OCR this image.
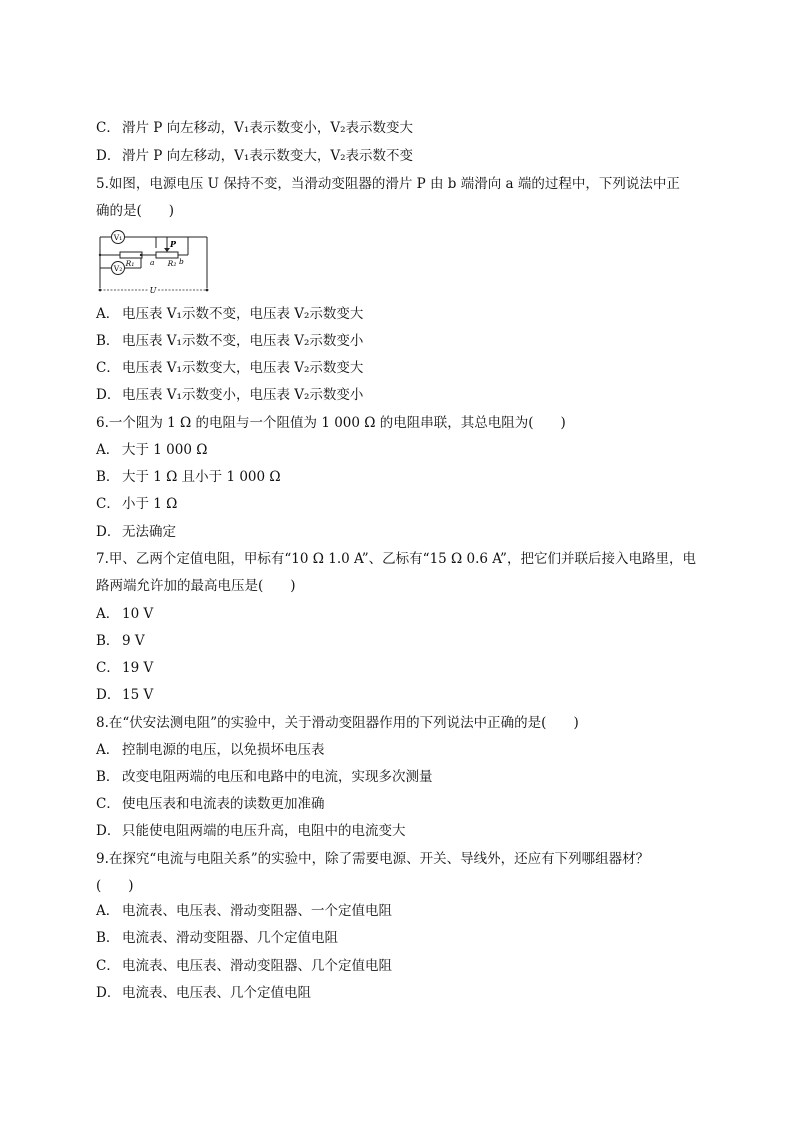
C． 滑片 P 向左移动，V₁表示数变小，V₂表示数变大
D． 滑片 P 向左移动，V₁表示数变大，V₂表示数不变
5.如图，电源电压 U 保持不变，当滑动变阻器的滑片 P 由 b 端滑向 a 端的过程中，下列说法中正
确的是(　　)
V₁
V₂
R₁	R₂
P
a	b
U
A． 电压表 V₁示数不变，电压表 V₂示数变大
B． 电压表 V₁示数不变，电压表 V₂示数变小
C． 电压表 V₁示数变大，电压表 V₂示数变大
D． 电压表 V₁示数变小，电压表 V₂示数变小
6.一个阻为 1 Ω 的电阻与一个阻值为 1 000 Ω 的电阻串联，其总电阻为(　　)
A． 大于 1 000 Ω
B． 大于 1 Ω 且小于 1 000 Ω
C． 小于 1 Ω
D． 无法确定
7.甲、乙两个定值电阻，甲标有“10 Ω 1.0 A”、乙标有“15 Ω 0.6 A”，把它们并联后接入电路里，电
路两端允许加的最高电压是(　　)
A． 10 V
B． 9 V
C． 19 V
D． 15 V
8.在“伏安法测电阻”的实验中，关于滑动变阻器作用的下列说法中正确的是(　　)
A． 控制电源的电压，以免损坏电压表
B． 改变电阻两端的电压和电路中的电流，实现多次测量
C． 使电压表和电流表的读数更加准确
D． 只能使电阻两端的电压升高，电阻中的电流变大
9.在探究“电流与电阻关系”的实验中，除了需要电源、开关、导线外，还应有下列哪组器材？
(　　)
A． 电流表、电压表、滑动变阻器、一个定值电阻
B． 电流表、滑动变阻器、几个定值电阻
C． 电流表、电压表、滑动变阻器、几个定值电阻
D． 电流表、电压表、几个定值电阻
